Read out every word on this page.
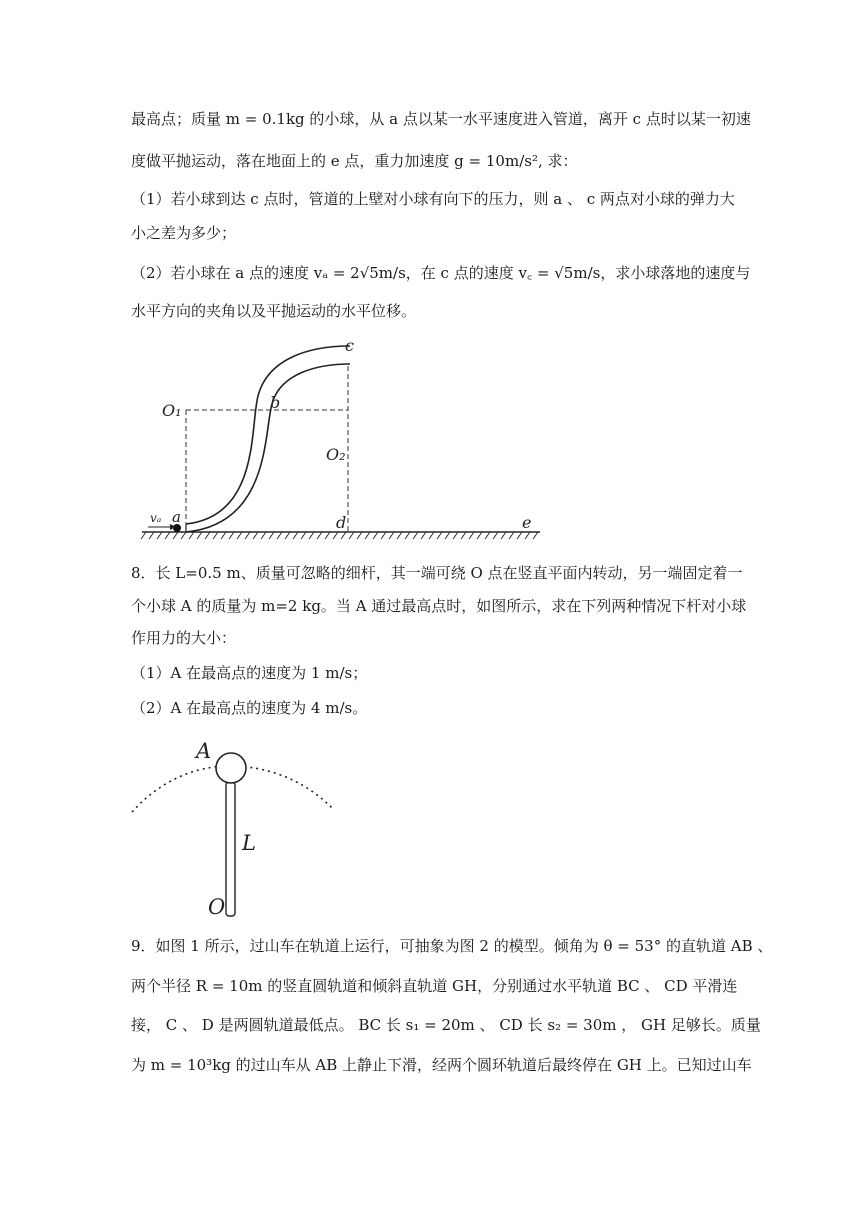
最高点；质量 m = 0.1kg 的小球，从 a 点以某一水平速度进入管道，离开 c 点时以某一初速
度做平抛运动，落在地面上的 e 点，重力加速度 g = 10m/s², 求：
（1）若小球到达 c 点时，管道的上壁对小球有向下的压力，则 a 、 c 两点对小球的弹力大
小之差为多少；
（2）若小球在 a 点的速度 vₐ = 2√5m/s，在 c 点的速度 v꜀ = √5m/s，求小球落地的速度与
水平方向的夹角以及平抛运动的水平位移。
c
b
O₁
O₂
a
vₐ	d	e
8．长 L=0.5 m、质量可忽略的细杆，其一端可绕 O 点在竖直平面内转动，另一端固定着一
个小球 A 的质量为 m=2 kg。当 A 通过最高点时，如图所示，求在下列两种情况下杆对小球
作用力的大小：
（1）A 在最高点的速度为 1 m/s；
（2）A 在最高点的速度为 4 m/s。
A
L
O
9．如图 1 所示，过山车在轨道上运行，可抽象为图 2 的模型。倾角为 θ = 53° 的直轨道 AB 、
两个半径 R = 10m 的竖直圆轨道和倾斜直轨道 GH，分别通过水平轨道 BC 、 CD 平滑连
接， C 、 D 是两圆轨道最低点。 BC 长 s₁ = 20m 、 CD 长 s₂ = 30m ， GH 足够长。质量
为 m = 10³kg 的过山车从 AB 上静止下滑，经两个圆环轨道后最终停在 GH 上。已知过山车
